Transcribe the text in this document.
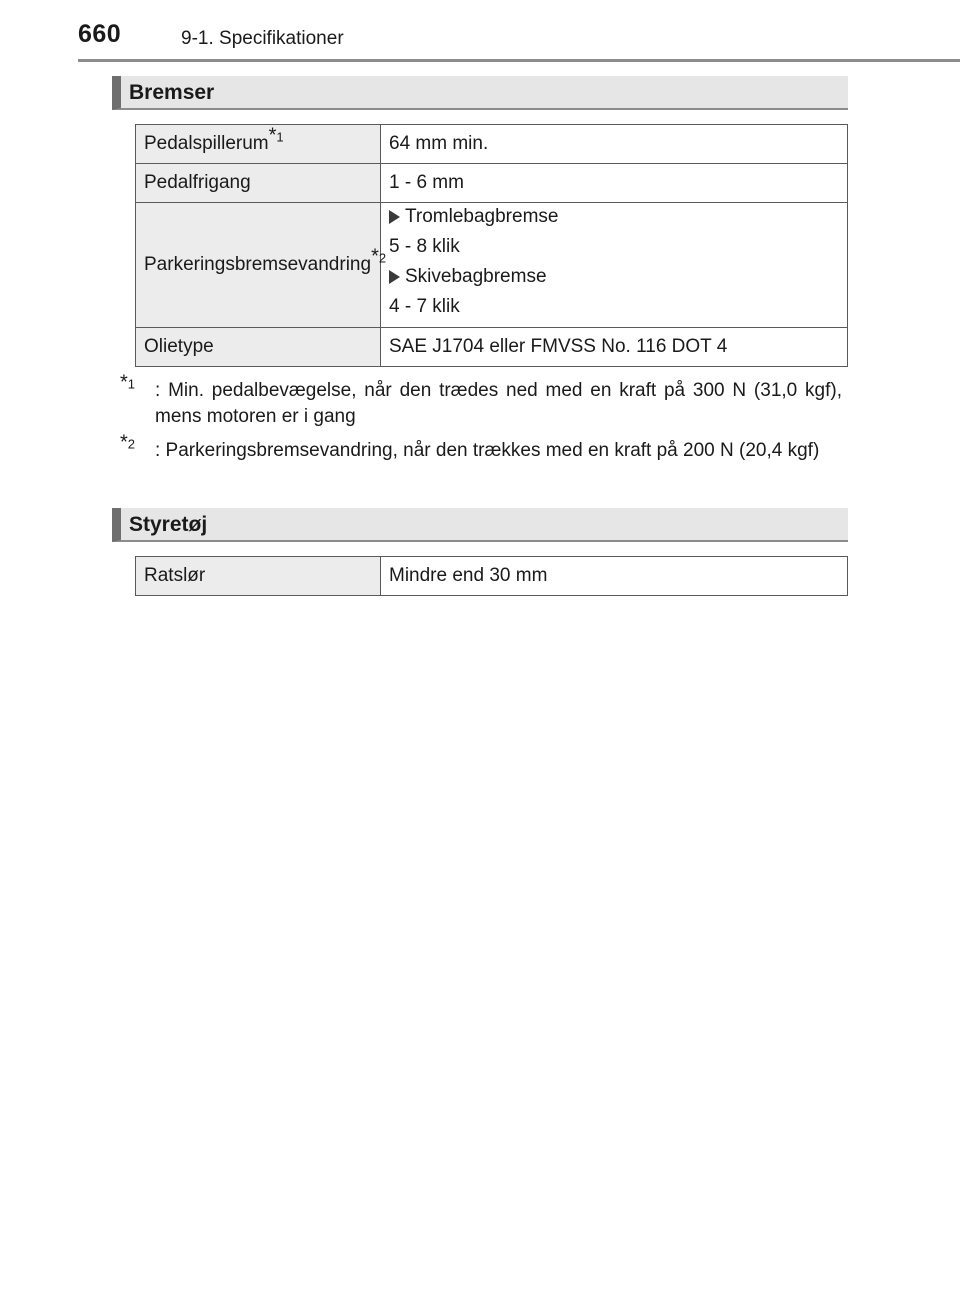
660	9-1. Specifikationer
Bremser
Pedalspillerum*$^1$	64 mm min.
Pedalfrigang	1 - 6 mm
Parkeringsbremsevandring*$^2$	Tromlebagbremse
5 - 8 klik
Skivebagbremse
4 - 7 klik

Olietype	SAE J1704 eller FMVSS No. 116 DOT 4
*$^1$ : Min. pedalbevægelse, når den trædes ned med en kraft på 300 N (31,0 kgf), mens motoren er i gang
*$^2$ : Parkeringsbremsevandring, når den trækkes med en kraft på 200 N (20,4 kgf)
Styretøj
Ratslør	Mindre end 30 mm
